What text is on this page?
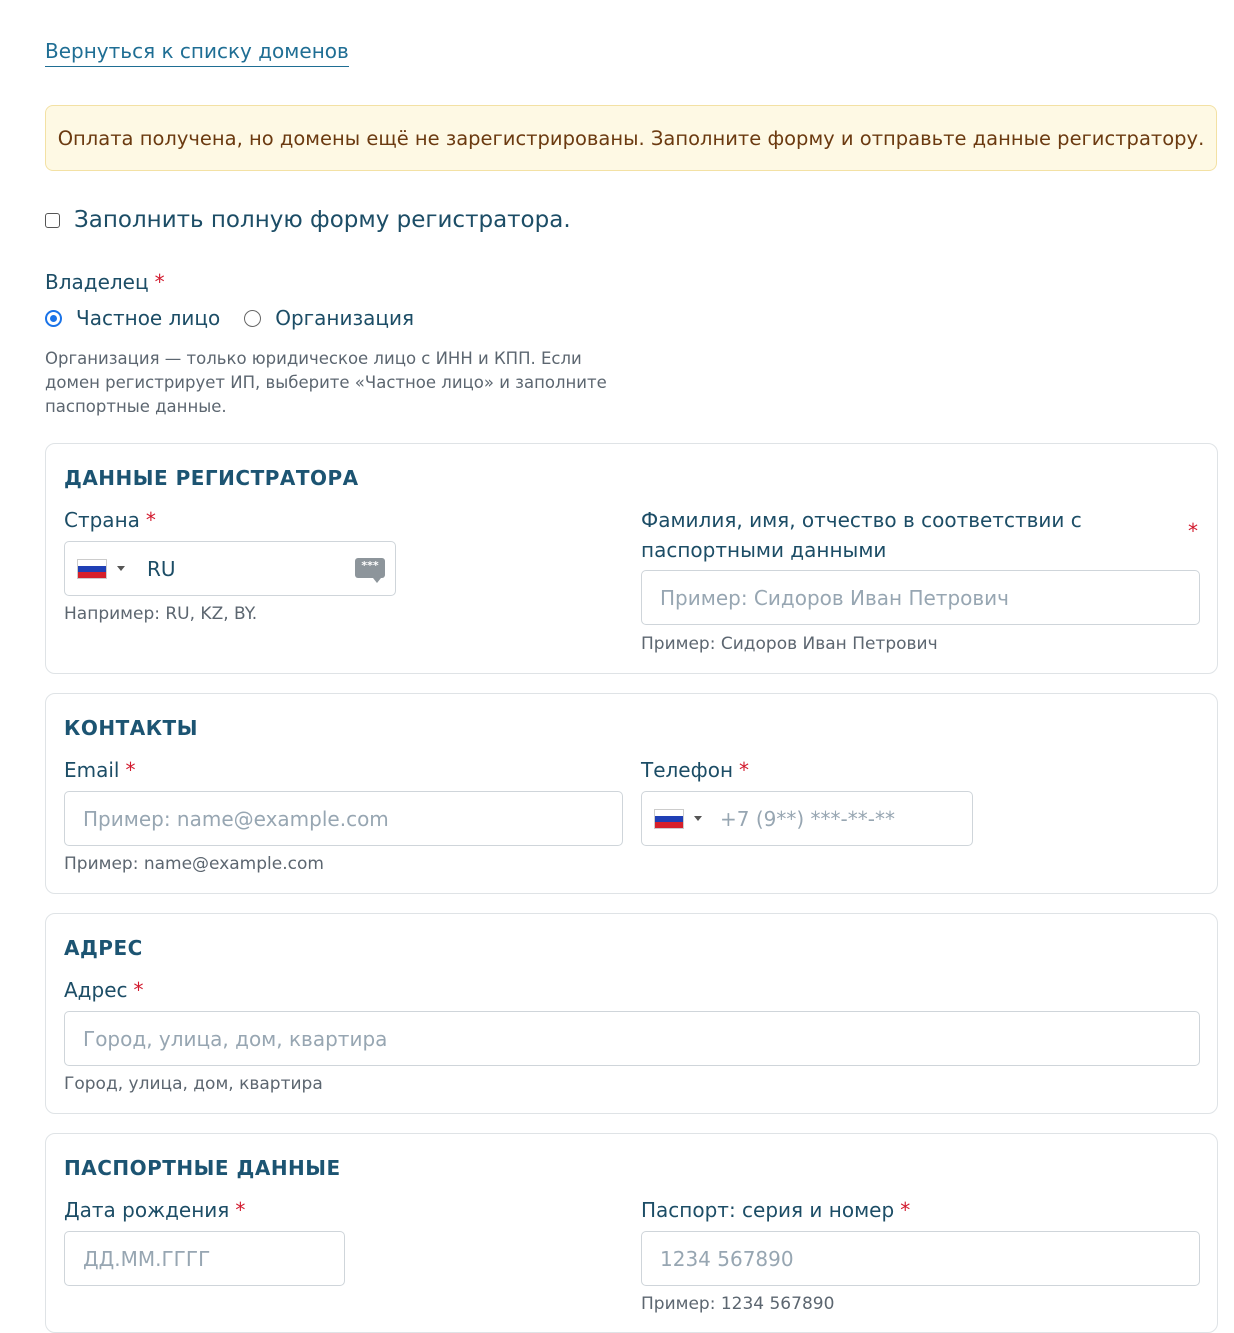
Вернуться к списку доменов
Оплата получена, но домены ещё не зарегистрированы. Заполните форму и отправьте данные регистратору.
Заполнить полную форму регистратора.
Владелец *
Частное лицо	Организация
Организация — только юридическое лицо с ИНН и КПП. Если домен регистрирует ИП, выберите «Частное лицо» и заполните паспортные данные.
ДАННЫЕ РЕГИСТРАТОРА
Страна *
RU
***
Например: RU, KZ, BY.
Фамилия, имя, отчество в соответствии с паспортными данными
*
Пример: Сидоров Иван Петрович
Пример: Сидоров Иван Петрович
КОНТАКТЫ
Email *
Пример: name@example.com
Пример: name@example.com
Телефон *
+7 (9**) ***-**-**
АДРЕС
Адрес *
Город, улица, дом, квартира
Город, улица, дом, квартира
ПАСПОРТНЫЕ ДАННЫЕ
Дата рождения *
ДД.ММ.ГГГГ
Паспорт: серия и номер *
1234 567890
Пример: 1234 567890
